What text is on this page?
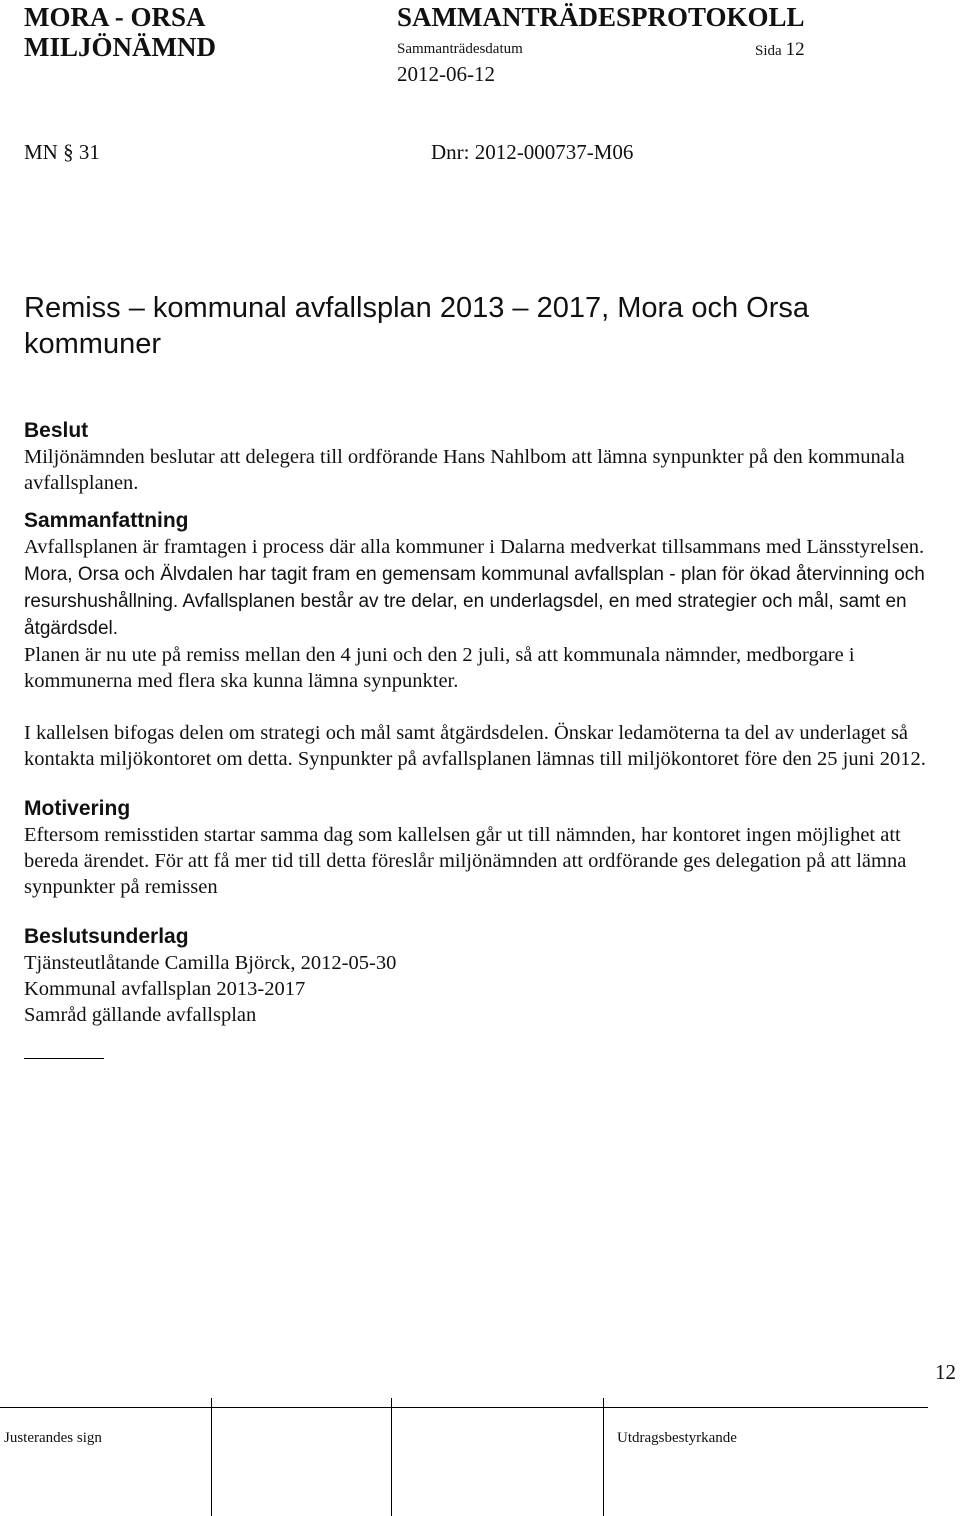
MORA - ORSA
MILJÖNÄMND
SAMMANTRÄDESPROTOKOLL
Sammanträdesdatum	Sida 12
2012-06-12
MN § 31	Dnr: 2012-000737-M06
Remiss – kommunal avfallsplan 2013 – 2017, Mora och Orsa kommuner
Beslut

Miljönämnden beslutar att delegera till ordförande Hans Nahlbom att lämna synpunkter på den kommunala avfallsplanen.

Sammanfattning

Avfallsplanen är framtagen i process där alla kommuner i Dalarna medverkat tillsammans med Länsstyrelsen. Mora, Orsa och Älvdalen har tagit fram en gemensam kommunal avfallsplan - plan för ökad återvinning och resurshushållning. Avfallsplanen består av tre delar, en underlagsdel, en med strategier och mål, samt en åtgärdsdel.

Planen är nu ute på remiss mellan den 4 juni och den 2 juli, så att kommunala nämnder, medborgare i kommunerna med flera ska kunna lämna synpunkter.

I kallelsen bifogas delen om strategi och mål samt åtgärdsdelen. Önskar ledamöterna ta del av underlaget så kontakta miljökontoret om detta. Synpunkter på avfallsplanen lämnas till miljökontoret före den 25 juni 2012.

Motivering

Eftersom remisstiden startar samma dag som kallelsen går ut till nämnden, har kontoret ingen möjlighet att bereda ärendet. För att få mer tid till detta föreslår miljönämnden att ordförande ges delegation på att lämna synpunkter på remissen

Beslutsunderlag

Tjänsteutlåtande Camilla Björck, 2012-05-30

Kommunal avfallsplan 2013-2017

Samråd gällande avfallsplan

12
Justerandes sign	Utdragsbestyrkande
